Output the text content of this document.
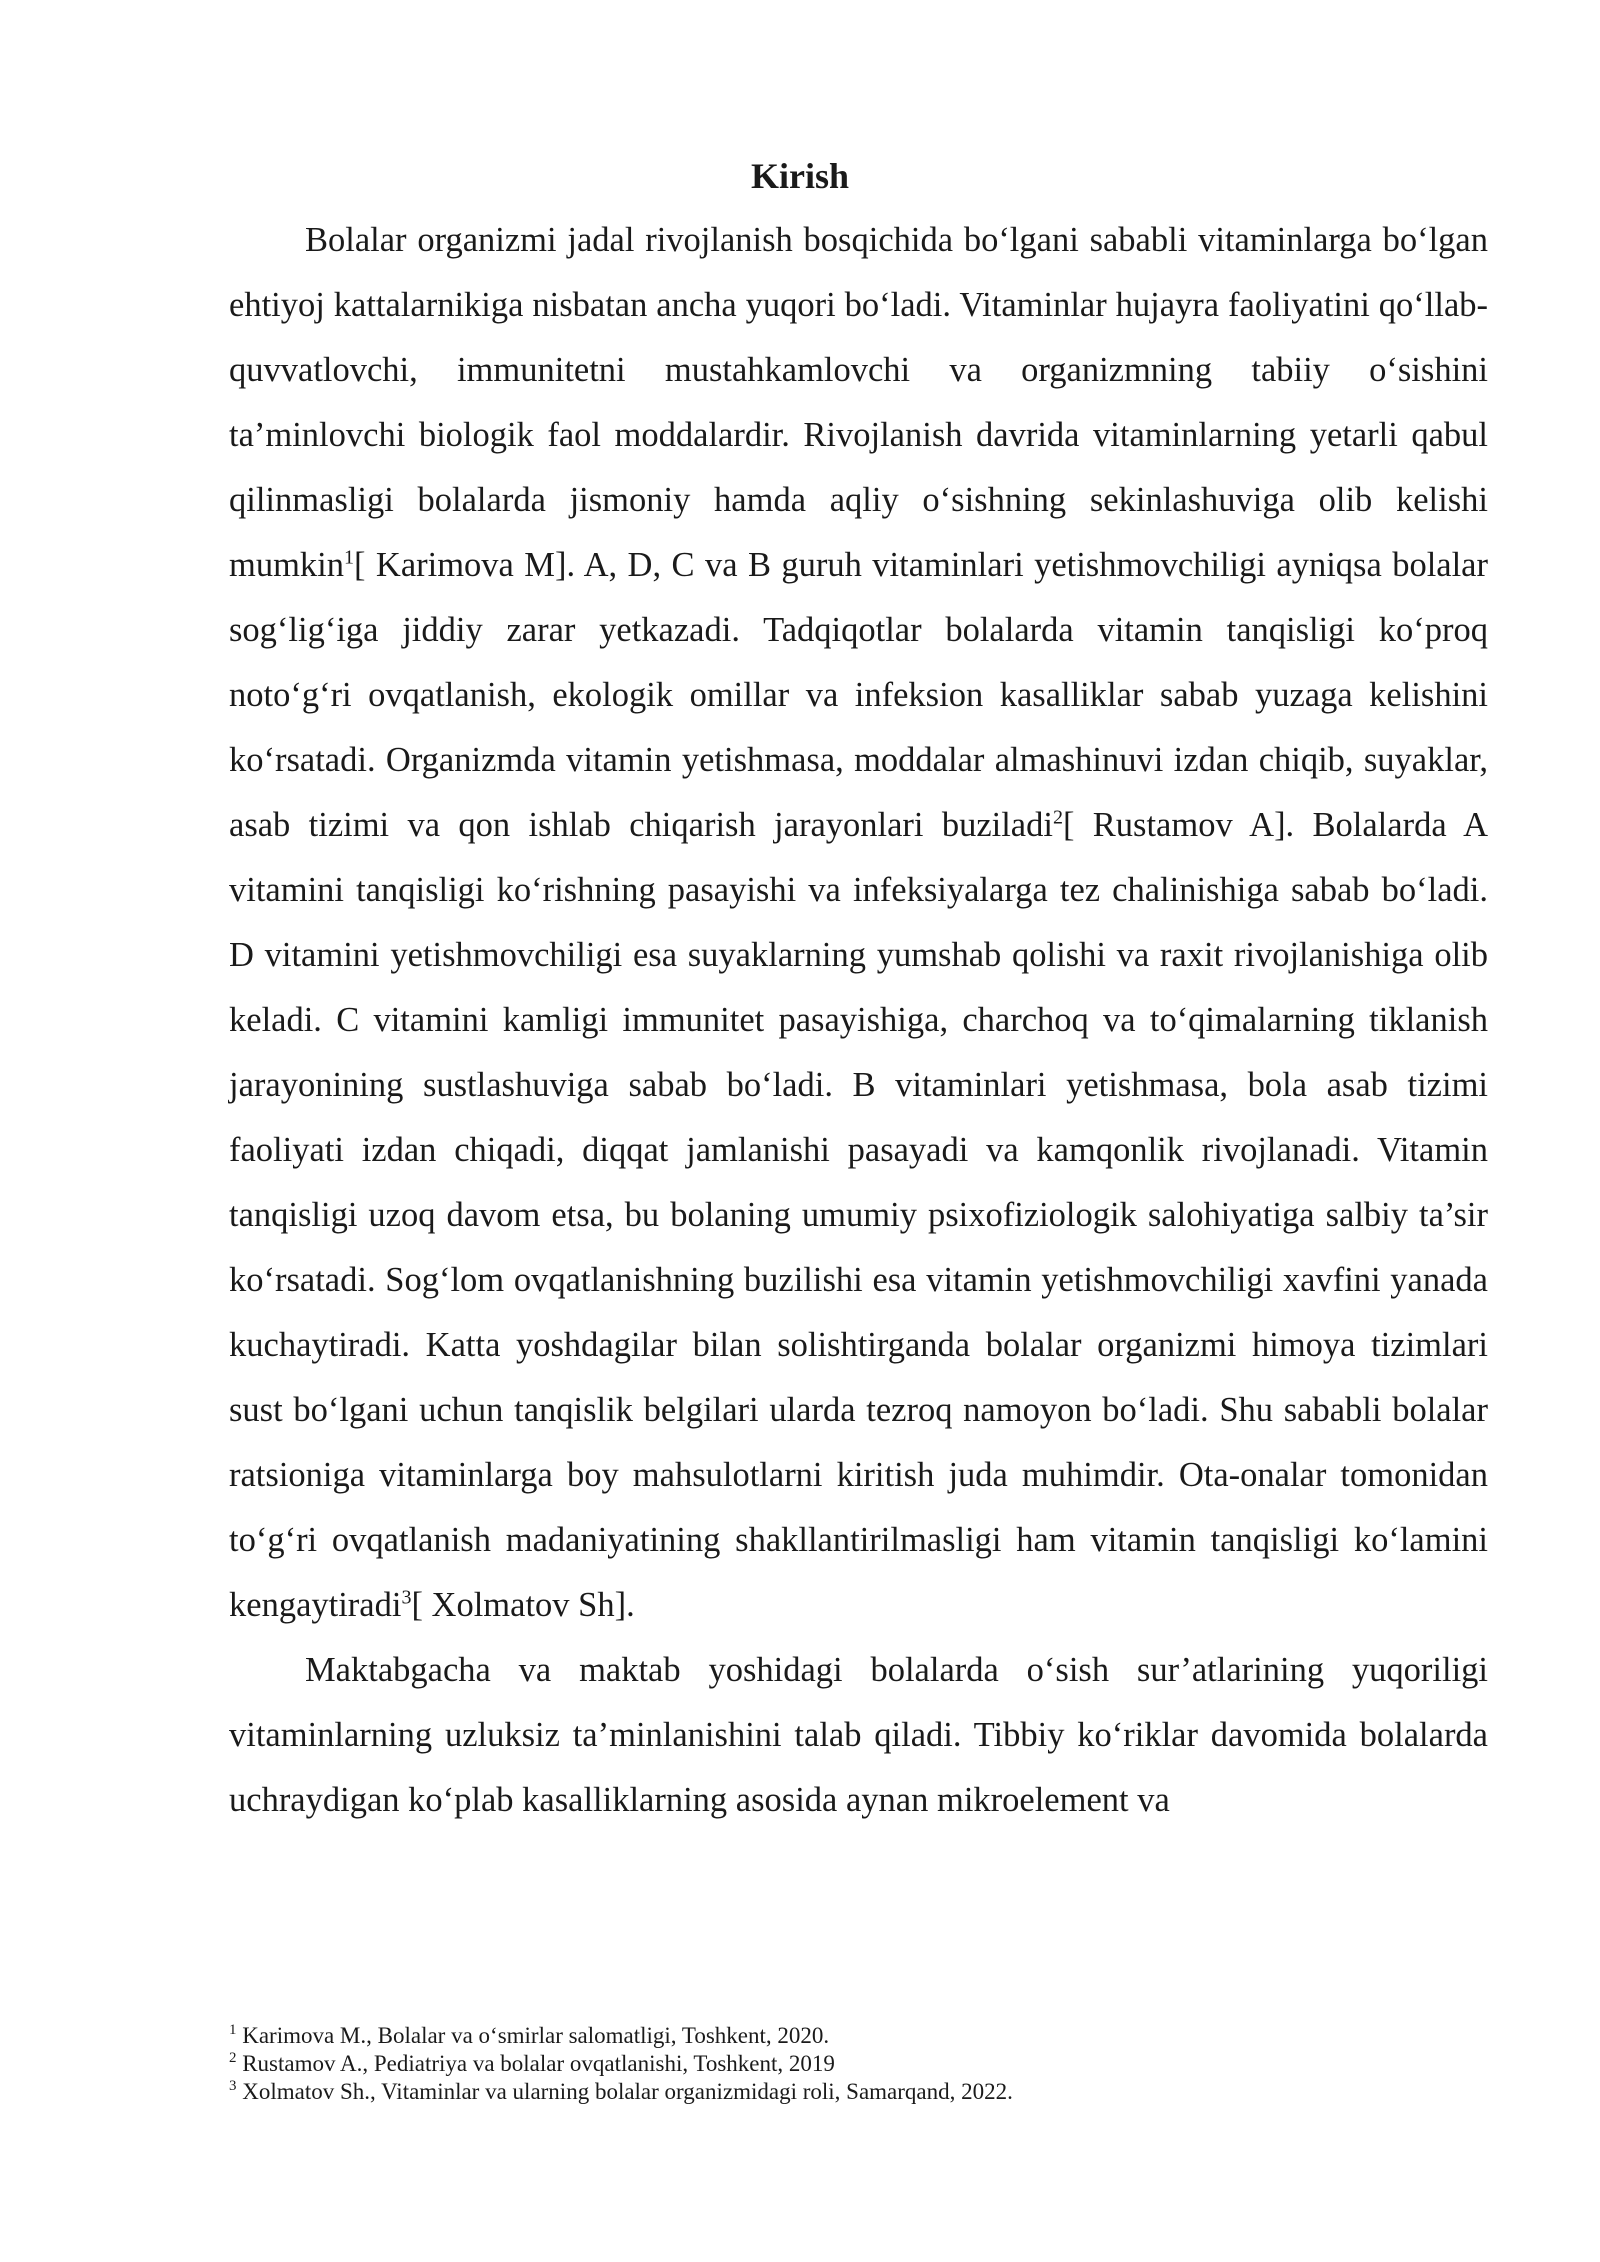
Kirish

Bolalar organizmi jadal rivojlanish bosqichida bo‘lgani sababli vitaminlarga bo‘lgan ehtiyoj kattalarnikiga nisbatan ancha yuqori bo‘ladi. Vitaminlar hujayra faoliyatini qo‘llab-quvvatlovchi, immunitetni mustahkamlovchi va organizmning tabiiy o‘sishini ta’minlovchi biologik faol moddalardir. Rivojlanish davrida vitaminlarning yetarli qabul qilinmasligi bolalarda jismoniy hamda aqliy o‘sishning sekinlashuviga olib kelishi mumkin$^1$[ Karimova M]. A, D, C va B guruh vitaminlari yetishmovchiligi ayniqsa bolalar sog‘lig‘iga jiddiy zarar yetkazadi. Tadqiqotlar bolalarda vitamin tanqisligi ko‘proq noto‘g‘ri ovqatlanish, ekologik omillar va infeksion kasalliklar sabab yuzaga kelishini ko‘rsatadi. Organizmda vitamin yetishmasa, moddalar almashinuvi izdan chiqib, suyaklar, asab tizimi va qon ishlab chiqarish jarayonlari buziladi$^2$[ Rustamov A]. Bolalarda A vitamini tanqisligi ko‘rishning pasayishi va infeksiyalarga tez chalinishiga sabab bo‘ladi. D vitamini yetishmovchiligi esa suyaklarning yumshab qolishi va raxit rivojlanishiga olib keladi. C vitamini kamligi immunitet pasayishiga, charchoq va to‘qimalarning tiklanish jarayonining sustlashuviga sabab bo‘ladi. B vitaminlari yetishmasa, bola asab tizimi faoliyati izdan chiqadi, diqqat jamlanishi pasayadi va kamqonlik rivojlanadi. Vitamin tanqisligi uzoq davom etsa, bu bolaning umumiy psixofiziologik salohiyatiga salbiy ta’sir ko‘rsatadi. Sog‘lom ovqatlanishning buzilishi esa vitamin yetishmovchiligi xavfini yanada kuchaytiradi. Katta yoshdagilar bilan solishtirganda bolalar organizmi himoya tizimlari sust bo‘lgani uchun tanqislik belgilari ularda tezroq namoyon bo‘ladi. Shu sababli bolalar ratsioniga vitaminlarga boy mahsulotlarni kiritish juda muhimdir. Ota-onalar tomonidan to‘g‘ri ovqatlanish madaniyatining shakllantirilmasligi ham vitamin tanqisligi ko‘lamini kengaytiradi$^3$[ Xolmatov Sh].

Maktabgacha va maktab yoshidagi bolalarda o‘sish sur’atlarining yuqoriligi vitaminlarning uzluksiz ta’minlanishini talab qiladi. Tibbiy ko‘riklar davomida bolalarda uchraydigan ko‘plab kasalliklarning asosida aynan mikroelement va

$^1$ Karimova M., Bolalar va o‘smirlar salomatligi, Toshkent, 2020.

$^2$ Rustamov A., Pediatriya va bolalar ovqatlanishi, Toshkent, 2019

$^3$ Xolmatov Sh., Vitaminlar va ularning bolalar organizmidagi roli, Samarqand, 2022.
